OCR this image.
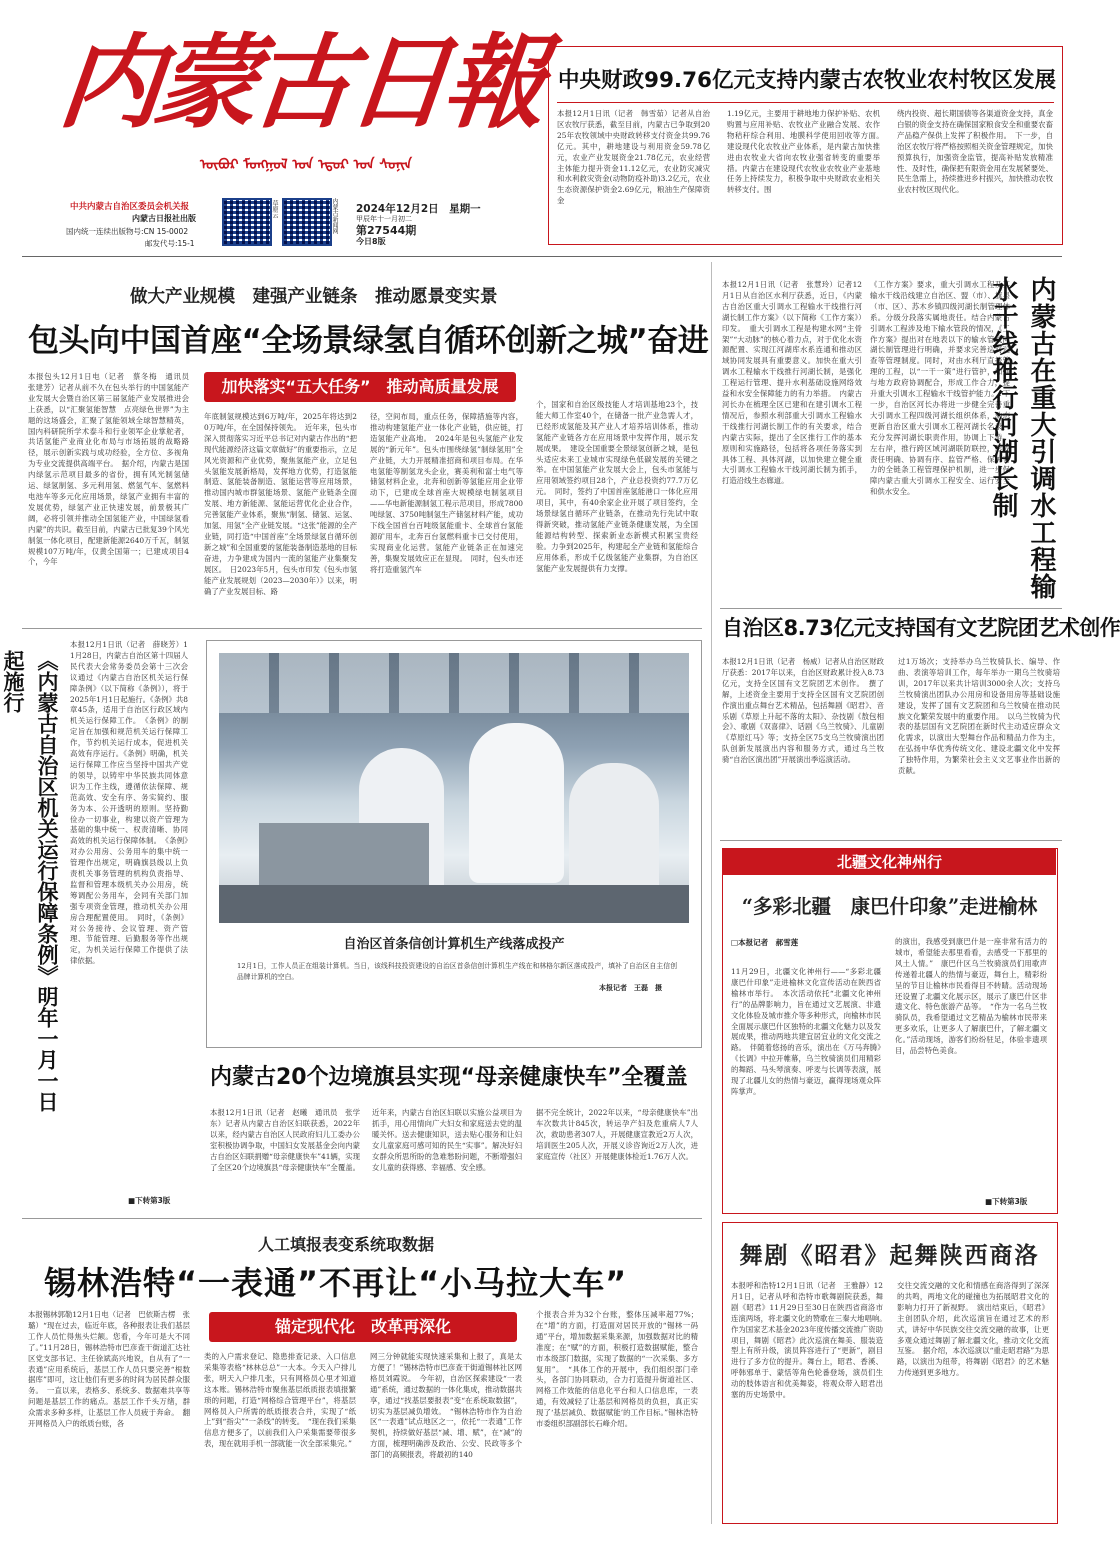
内蒙古日報
ᠥᠪᠥᠷ ᠮᠣᠩᠭᠣᠯ ᠤᠨ ᠡᠳᠦᠷ ᠤᠨ ᠰᠣᠨᠢᠨ
中共内蒙古自治区委员会机关报
内蒙古日报社出版
国内统一连续出版物号:CN 15-0002
邮发代号:15-1
草原云	内蒙古新闻网 2024年12月2日　星期一
甲辰年十一月初二
第27544期
今日8版
中央财政99.76亿元支持内蒙古农牧业农村牧区发展
本报12月1日讯（记者　韩雪茹）记者从自治区农牧厅获悉，截至目前，内蒙古已争取到2025年农牧领域中央财政转移支付资金共99.76亿元。其中，耕地建设与利用资金59.78亿元，农业产业发展资金21.78亿元，农业经营主体能力提升资金11.12亿元，农业防灾减灾和水利救灾资金(动物防疫补助)3.2亿元，农业生态资源保护资金2.69亿元，粮油生产保障资金
1.19亿元，主要用于耕地地力保护补贴、农机购置与应用补贴、农牧业产业融合发展、农作物秸秆综合利用、地膜科学使用回收等方面。　建设现代化农牧业产业体系，是内蒙古加快推进由农牧业大省向农牧业强省转变的重要举措。内蒙古在建设现代农牧业农牧业产业基地任务上持续发力，积极争取中央财政农业相关转移支付。围
绕内投资、超长期国债等各渠道资金支持，真金白银的资金支持在确保国家粮食安全和重要农畜产品稳产保供上发挥了积极作用。　下一步，自治区农牧厅将严格按照相关资金管理规定，加快预算执行，加强资金监管，提高补贴发放精准性、及时性，确保把有限资金用在发展紧要处、民生急需上，持续推进乡村振兴，加快推动农牧业农村牧区现代化。
做大产业规模　建强产业链条　推动愿景变实景
包头向中国首座“全场景绿氢自循环创新之城”奋进
加快落实“五大任务”　推动高质量发展
本报包头12月1日电（记者　蔡冬梅　通讯员　张建芳）记者从前不久在包头举行的中国氢能产业发展大会暨自治区第三届氢能产业发展推进会上获悉，以“汇聚氢能智慧　点亮绿色世界”为主题的这场盛会，汇聚了氢能领域全球智慧精英，国内科研院所学术泰斗和行业领军企业掌舵者，共话氢能产业商业化布局与市场拓展的战略路径，展示创新实践与成功经验，全方位、多视角为专业交流提供高端平台。　据介绍，内蒙古是国内绿氢示范项目最多的省份，拥有风光制氢储运、绿氢制氢、多元利用氢、燃氢气车、氢燃料电池车等多元化应用场景，绿氢产业拥有丰富的发展优势，绿氢产业正快速发展，前景极其广阔，必将引领并推动全国氢能产业，中国绿氢看内蒙”的共识。截至目前，内蒙古已批复39个风光制氢一体化项目，配建新能源2640万千瓦，制氢规模107万吨/年，仅黄全国第一；已建成项目4个，今年
年底制氢规模达到6万吨/年，2025年将达到20万吨/年，在全国保持领先。　近年来，包头市深入贯彻落实习近平总书记对内蒙古作出的“把现代能源经济这篇文章做好”的重要指示，立足风光资源和产业优势，聚焦氢能产业，立足包头氢能发展新格局，发挥地方优势，打造氢能制造、氢能装备制造、氢能运营等应用场景，推动国内城市群氢能场景、氢能产业链条全面发展、地方新能源、氢能运营优化企业合作，完善氢能产业体系，聚焦“制氢、储氢、运氢、加氢、用氢”全产业链发展。“这张”能源的全产业链，同打造“中国首座”全场景绿氢自循环创新之城”和全国重要的氢能装备制造基地的目标奋进，力争建成为国内一流的氢能产业集聚发展区。　日2023年5月，包头市印发《包头市氢能产业发展规划（2023—2030年）》以来，明确了产业发展目标、路
径，空间布局，重点任务，保障措施等内容，推动构建氢能产业一体化产业链，供应链，打造氢能产业高地。　2024年是包头氢能产业发展的“新元年”。包头市围绕绿氢”制绿氢用”全产业链，大力开展精准招商和项目布局。在华电氢能等制氢龙头企业，赛美利和富士电气等储氢材料企业，北奔和创新等氢能应用企业带动下，已建成全球首座大规模绿电制氢项目——华电新能源制氢工程示范项目，形成7800吨绿氢、3750吨制氢生产储氢材料产能，成功下线全国首台百吨级氢能重卡、全球首台氢能源矿用车，北奔百台氢燃料重卡已交付使用，实现商业化运营。氢能产业链条正在加速完善，集聚发展效应正在显现。　同时，包头市还将打造重氢汽车
个，国家和自治区级技能人才培训基地23个，技能大师工作室40个，在储备一批产业急需人才，已经形成氢能及其产业人才培养培训体系，推动氢能产业链各方在应用场景中发挥作用，展示发展成果。　建设全国重要全景绿氢创新之城，是包头适应未来工业城市实现绿色低碳发展的关键之举。在中国氢能产业发展大会上，包头市氢能与应用领域签约项目28个，产业总投资约77.7万亿元。　同时，签约了中国首座氢能港口一体化应用项目，其中，有40余家企业开展了项目签约，全场景绿氢自循环产业链条，在推动先行先试中取得新突破，推动氢能产业链条健康发展，为全国能源结构转型、探索新业态新模式积累宝贵经验。力争到2025年，构建起全产业链和氢能综合应用体系，形成千亿级氢能产业集群，为自治区氢能产业发展提供有力支撑。
本报12月1日讯（记者　张慧玲）记者12月1日从自治区水利厅获悉，近日，《内蒙古自治区重大引调水工程输水干线推行河湖长制工作方案》（以下简称《工作方案》）印发。　重大引调水工程是构建水网“主骨架”“大动脉”的核心着力点，对于优化水资源配置、实现江河湖库水系连通和推动区域协同发展具有重要意义。加快在重大引调水工程输水干线推行河湖长制，是强化工程运行管理、提升水利基础设施网络效益和水安全保障能力的有力举措。　内蒙古河长办在梳理全区已建和在建引调水工程情况后，参照水利部重大引调水工程输水干线推行河湖长制工作的有关要求，结合内蒙古实际，提出了全区推行工作的基本原则和实施路径，包括将各项任务落实到具体工程、具体河湖，以加快建立健全重大引调水工程输水干线河湖长制为抓手，打造沿线生态廊道。
《工作方案》要求，重大引调水工程及其输水干线沿线建立自治区、盟（市）、旗县（市、区）、苏木乡镇四级河湖长制管理体系。分级分段落实属地责任。结合内蒙古引调水工程涉及地下输水管段的情况，《工作方案》提出对在地表以下的输水管线河湖长制管理进行明确，并要求完善巡河巡查等管理制度。同时，对由水利厅直接管理的工程，以“一干一策”进行管护，加强与地方政府协调配合，形成工作合力，提升重大引调水工程输水干线管护能力。　下一步，自治区河长办将进一步健全完善重大引调水工程四级河湖长组织体系，动态更新自治区重大引调水工程河湖长名录，充分发挥河湖长职责作用，协调上下游、左右岸，推行跨区域河湖联防联控，形成责任明确、协调有序、监管严格、保护有力的全链条工程管理保护机制，进一步保障内蒙古重大引调水工程安全、运行安全和供水安全。	内蒙古在重大引调水工程输水干线推行河湖长制
自治区8.73亿元支持国有文艺院团艺术创作
本报12月1日讯（记者　杨威）记者从自治区财政厅获悉：2017年以来，自治区财政累计投入8.73亿元，支持全区国有文艺院团艺术创作。　撰了解，上述资金主要用于支持全区国有文艺院团创作演出重点舞台艺术精品，包括舞剧《昭君》、音乐剧《草原上升起不落的太阳》、杂技剧《敖包相会》、歌剧《双喜律》、话剧《乌兰牧骑》、儿童剧《草原红马》等；支持全区75支乌兰牧骑演出团队创新发展演出内容和服务方式，通过乌兰牧骑“自治区演出团”开展演出季巡演活动。
过1万场次；支持举办乌兰牧骑队长、编导、作曲、表演等培训工作，每年举办一期乌兰牧骑培训，2017年以来共计培训3000余人次；支持乌兰牧骑演出团队办公用房和设备用房等基础设施建设，发挥了国有文艺院团和乌兰牧骑在推动民族文化繁荣发展中的重要作用。　以乌兰牧骑为代表的基层国有文艺院团在新时代主动适应群众文化需求，以演出大型舞台作品和精品力作为主，在弘扬中华优秀传统文化、建设北疆文化中发挥了独特作用，为繁荣社会主义文艺事业作出新的贡献。
《内蒙古自治区机关运行保障条例》明年一月一日起施行
本报12月1日讯（记者　薛晓芳）11月28日，内蒙古自治区第十四届人民代表大会常务委员会第十三次会议通过《内蒙古自治区机关运行保障条例》（以下简称《条例》），将于2025年1月1日起施行。《条例》共8章45条，适用于自治区行政区域内机关运行保障工作。　《条例》的制定旨在加强和规范机关运行保障工作，节约机关运行成本，促进机关高效有序运行。《条例》明确，机关运行保障工作应当坚持中国共产党的领导，以铸牢中华民族共同体意识为工作主线，遵循依法保障、规范高效、安全有序、务实简约、服务为本、公开透明的原则。坚持勤俭办一切事业，构建以资产管理为基础的集中统一、权责清晰、协同高效的机关运行保障体制。　《条例》对办公用房、公务用车的集中统一管理作出规定，明确旗县级以上负责机关事务管理的机构负责指导、监督和管理本级机关办公用房，统筹调配公务用车，会同有关部门加强专项资金管理，推动机关办公用房合理配置使用。　同时，《条例》对公务接待、会议管理、资产管理、节能管理、后勤服务等作出规定，为机关运行保障工作提供了法律依据。
■下转第3版
自治区首条信创计算机生产线落成投产
12月1日，工作人员正在组装计算机。当日，该线科技投资建设的自治区首条信创计算机生产线在和林格尔新区落成投产，填补了自治区自主信创品牌计算机的空白。
本报记者　王磊　摄
内蒙古20个边境旗县实现“母亲健康快车”全覆盖
本报12月1日讯（记者　赵曦　通讯员　张学东）记者从内蒙古自治区妇联获悉，2022年以来，经内蒙古自治区人民政府妇儿工委办公室积极协调争取，中国妇女发展基金会向内蒙古自治区妇联捐赠“母亲健康快车”41辆，实现了全区20个边境旗县“母亲健康快车”全覆盖。
近年来，内蒙古自治区妇联以实施公益项目为抓手，用心用情向广大妇女和家庭送去党的温暖关怀。送去健康知识，送去贴心服务和让妇女儿童家庭可感可知的民生“实事”。解决好妇女群众所思所盼的急难愁盼问题，不断增强妇女儿童的获得感、幸福感、安全感。
据不完全统计，2022年以来，“母亲健康快车”出车次数共计845次，转运孕产妇及危重病人7人次，救助患者307人，开展健康宣教近2万人次，培训医生205人次，开展义诊咨询近2万人次，进家庭宣传（社区）开展健康体检近1.76万人次。
人工填报表变系统取数据
锡林浩特“一表通”不再让“小马拉大车”
锚定现代化　改革再深化
本报锡林郭勒12月1日电（记者　巴依斯古楞　张璐）“现在过去，临近年底，各种报表让我们基层工作人员忙得焦头烂额。您看，今年可是大不同了。”11月28日，锡林浩特市巴彦查干街道汇达社区党支部书记、主任徐斌高兴地说，自从有了“一表通”应用系统后，基层工作人员只要完善“根数据库”即可，这让他们有更多的时间为居民群众服务。　一直以来，表格多、系统多、数据难共享等问题是基层工作的痛点。基层工作千头万绪，群众需求多种多样，让基层工作人员疲于奔命。　翻开网格员入户的纸质台账，各
类的入户需求登记、隐患排查记录、入口信息采集等表格“林林总总”一大本。今天入户排儿张，明天入户排几张，只有网格员心里才知道这本账。锡林浩特市聚焦基层纸质报表填报繁琐的问题，打造“网格综合管理平台”，将基层网格员入户所需的纸质报表合并，实现了“纸上”到“指尖”“一条线”的转变。　“现在我们采集信息方便多了，以前我们入户采集需要带很多表，现在就用手机一部就能一次全部采集完。”
网三分钟就能实现快速采集和上报了，真是太方便了！”锡林浩特市巴彦查干街道锡林社区网格员刘霞说。　今年初，自治区探索建设“一表通”系统，通过数据的一体化集成，推动数据共享，通过“找基层要报表”变“在系统取数据”，切实为基层减负增效。　“锡林浩特市作为自治区“一表通”试点地区之一，依托“一表通”工作契机，持续做好基层“减、增、赋”，在“减”的方面，梳理明确涉及政治、公安、民政等多个部门的高频报表，将最初的140
个报表合并为32个台账，整体压减率超77%；在“增”的方面，打造面对居民开放的“锡林一码通”平台，增加数据采集来源，加强数据对比的精准度；在“赋”的方面，积极打造数据赋能，整合市本级部门数据，实现了数据的“一次采集、多方复用”。　“具体工作的开展中，我们组织部门牵头，各部门协同联动，合力打造提升街道社区、网格工作效能的信息化平台和人口信息库，一表通，有效减轻了让基层和网格员的负担，真正实现了‘基层减负、数据赋能’的工作目标。”锡林浩特市委组织部副部长石峰介绍。
北疆文化神州行
“多彩北疆　康巴什印象”走进榆林
□本报记者　郝雪莲
11月29日，北疆文化神州行——“多彩北疆　康巴什印象”走进榆林文化宣传活动在陕西省榆林市举行。　本次活动依托“北疆文化神州行”的品牌影响力，旨在通过文艺展演、非遗文化体验及城市推介等多种形式，向榆林市民全面展示康巴什区独特的北疆文化魅力以及发展成果，推动两地共建宜居宜业的文化交流之路。　伴随着悠扬的音乐，演出在《万马奔腾》《长调》中拉开帷幕，乌兰牧骑演员们用精彩的舞蹈、马头琴演奏、呼麦与长调等表演，展现了北疆儿女的热情与豪迈，赢得现场观众阵阵掌声。
的演出，我感受到康巴什是一座非常有活力的城市，希望能去那里看看，去感受一下那里的风土人情。”　康巴什区乌兰牧骑演员们用歌声传递着北疆人的热情与豪迈，舞台上，精彩纷呈的节目让榆林市民看得目不转睛。活动现场还设置了北疆文化展示区，展示了康巴什区非遗文化、特色旅游产品等。　“作为一名乌兰牧骑队员，我希望通过文艺精品为榆林市民带来更多欢乐，让更多人了解康巴什，了解北疆文化。”活动现场，游客们纷纷驻足，体验非遗项目，品尝特色美食。
■下转第3版
舞剧《昭君》起舞陕西商洛
本报呼和浩特12月1日讯（记者　王雅静）12月1日，记者从呼和浩特市歌舞剧院获悉，舞剧《昭君》11月29日至30日在陕西省商洛市连演两场，将北疆文化的赞歌在三秦大地唱响。　作为国家艺术基金2023年度传播交流推广资助项目，舞剧《昭君》此次巡演在舞美、服装造型上有所升级，演员阵容进行了“更新”，剧目进行了多方位的提升。舞台上，昭君、香溪、呼韩邪单于、蒙恬等角色轮番登场，演员们生动的肢体语言和优美舞姿，将观众带入昭君出塞的历史场景中。
交往交流交融的文化和情感在商洛得到了深深的共鸣，两地文化的碰撞也为拓展昭君文化的影响力打开了新视野。　演出结束后，《昭君》主创团队介绍，此次巡演旨在通过艺术的形式，讲好中华民族交往交流交融的故事，让更多观众通过舞剧了解北疆文化，推动文化交流互鉴。　据介绍，本次巡演以“重走昭君路”为思路，以演出为纽带，将舞剧《昭君》的艺术魅力传递到更多地方。
